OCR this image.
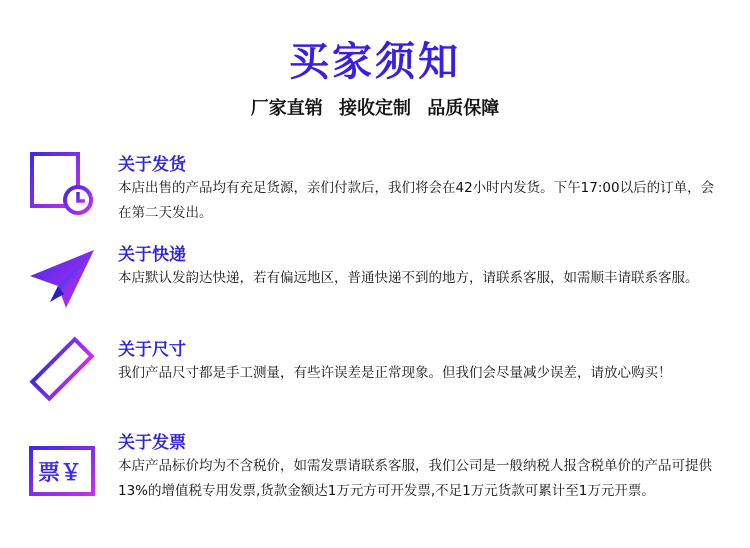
买家须知
厂家直销 接收定制 品质保障
关于发货
本店出售的产品均有充足货源，亲们付款后，我们将会在42小时内发货。下午17:00以后的订单，会在第二天发出。
关于快递
本店默认发韵达快递，若有偏远地区，普通快递不到的地方，请联系客服，如需顺丰请联系客服。
关于尺寸
我们产品尺寸都是手工测量，有些许误差是正常现象。但我们会尽量减少误差，请放心购买！
票￥
关于发票
本店产品标价均为不含税价，如需发票请联系客服，我们公司是一般纳税人报含税单价的产品可提供13%的增值税专用发票,货款金额达1万元方可开发票,不足1万元货款可累计至1万元开票。
